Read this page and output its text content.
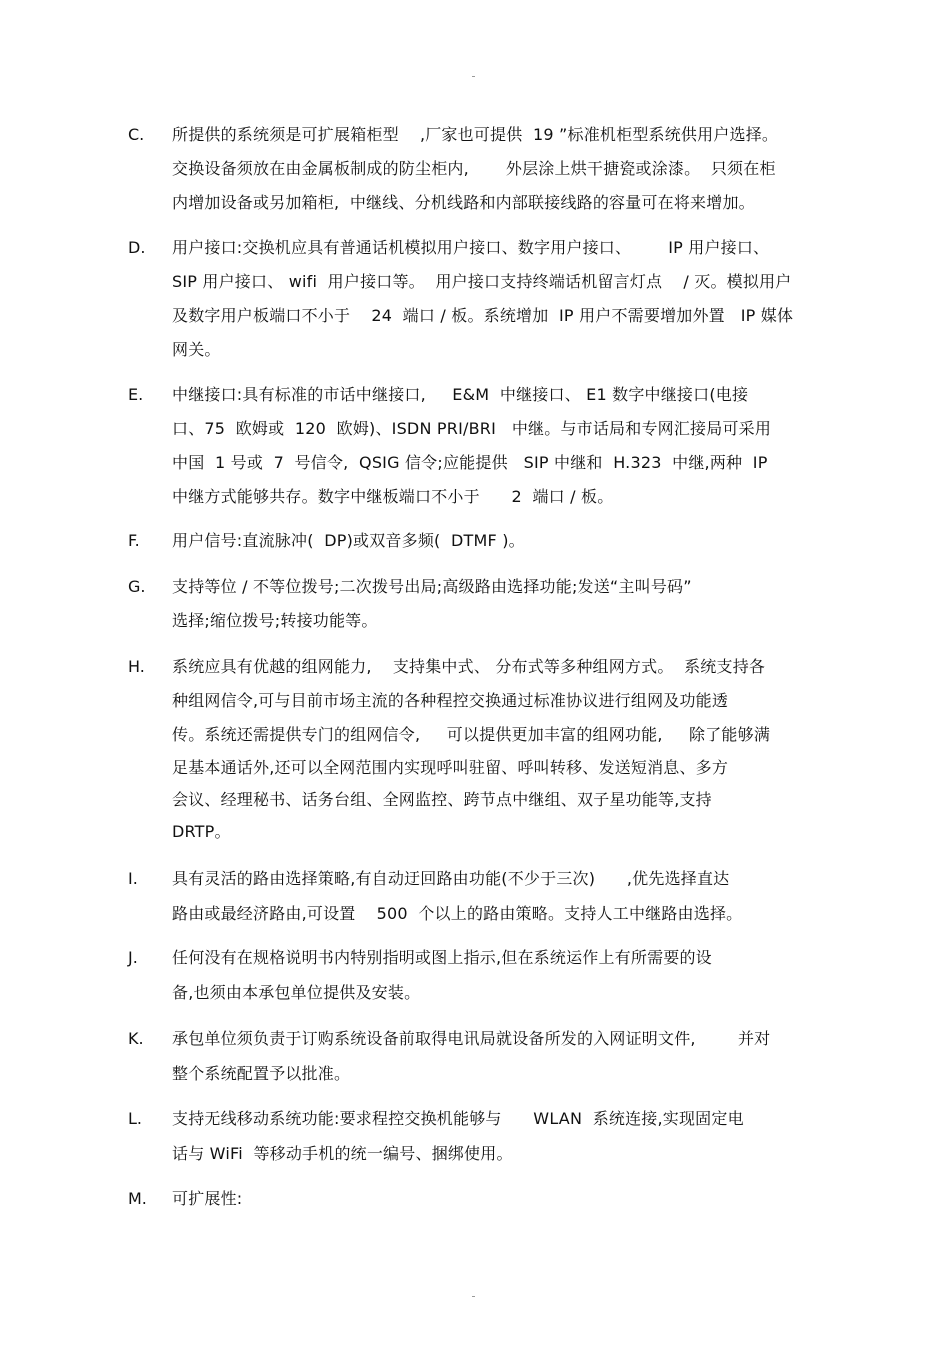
C. 所提供的系统须是可扩展箱柜型    ,厂家也可提供  19 ”标准机柜型系统供用户选择。
交换设备须放在由金属板制成的防尘柜内,       外层涂上烘干搪瓷或涂漆。  只须在柜
内增加设备或另加箱柜,  中继线、分机线路和内部联接线路的容量可在将来增加。
D. 用户接口:交换机应具有普通话机模拟用户接口、数字用户接口、       IP 用户接口、
SIP 用户接口、 wifi  用户接口等。  用户接口支持终端话机留言灯点    / 灭。模拟用户
及数字用户板端口不小于    24  端口 / 板。系统增加  IP 用户不需要增加外置   IP 媒体
网关。
E. 中继接口:具有标准的市话中继接口,     E&M  中继接口、 E1 数字中继接口(电接
口、75  欧姆或  120  欧姆)、ISDN PRI/BRI   中继。与市话局和专网汇接局可采用
中国  1 号或  7  号信令,  QSIG 信令;应能提供   SIP 中继和  H.323  中继,两种  IP
中继方式能够共存。数字中继板端口不小于      2  端口 / 板。
F. 用户信号:直流脉冲(  DP)或双音多频(  DTMF )。
G. 支持等位 / 不等位拨号;二次拨号出局;高级路由选择功能;发送“主叫号码”
选择;缩位拨号;转接功能等。
H. 系统应具有优越的组网能力,    支持集中式、 分布式等多种组网方式。  系统支持各
种组网信令,可与目前市场主流的各种程控交换通过标准协议进行组网及功能透
传。系统还需提供专门的组网信令,     可以提供更加丰富的组网功能,     除了能够满
足基本通话外,还可以全网范围内实现呼叫驻留、呼叫转移、发送短消息、多方
会议、经理秘书、话务台组、全网监控、跨节点中继组、双子星功能等,支持
DRTP。
I. 具有灵活的路由选择策略,有自动迂回路由功能(不少于三次)      ,优先选择直达
路由或最经济路由,可设置    500  个以上的路由策略。支持人工中继路由选择。
J. 任何没有在规格说明书内特别指明或图上指示,但在系统运作上有所需要的设
备,也须由本承包单位提供及安装。
K. 承包单位须负责于订购系统设备前取得电讯局就设备所发的入网证明文件,        并对
整个系统配置予以批准。
L. 支持无线移动系统功能:要求程控交换机能够与      WLAN  系统连接,实现固定电
话与 WiFi  等移动手机的统一编号、捆绑使用。
M. 可扩展性:
